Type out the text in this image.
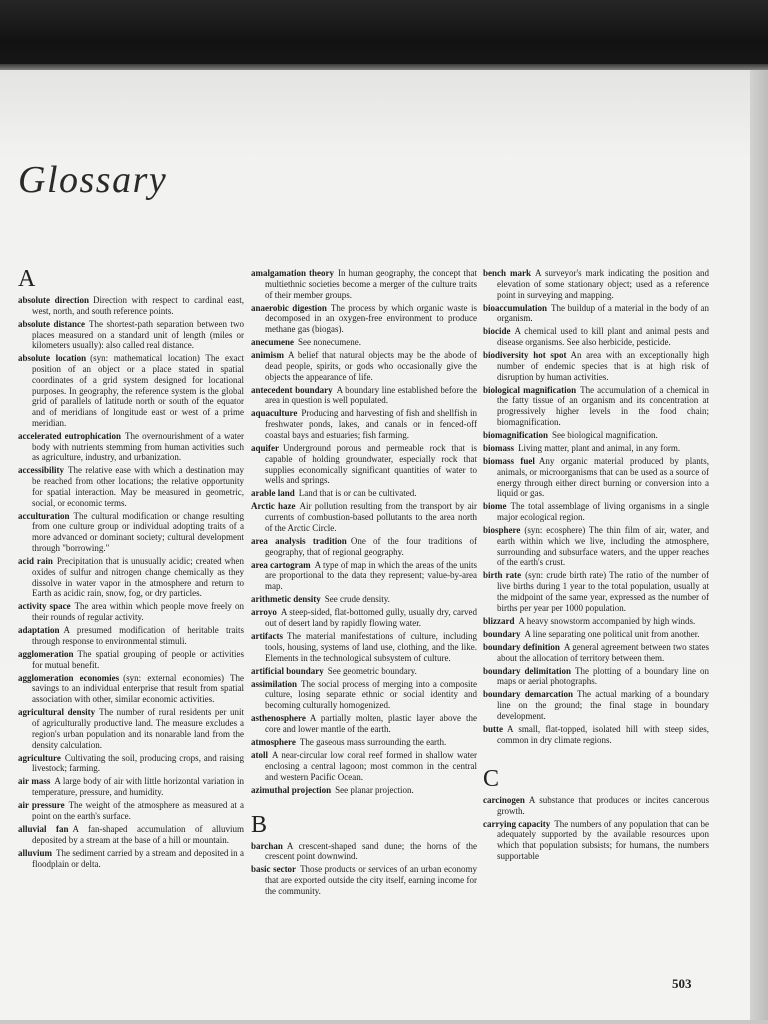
Glossary
A

absolute direction Direction with respect to cardinal east, west, north, and south reference points.

absolute distance The shortest-path separation between two places measured on a standard unit of length (miles or kilometers usually): also called real distance.

absolute location (syn: mathematical location) The exact position of an object or a place stated in spatial coordinates of a grid system designed for locational purposes. In geography, the reference system is the global grid of parallels of latitude north or south of the equator and of meridians of longitude east or west of a prime meridian.

accelerated eutrophication The overnourishment of a water body with nutrients stemming from human activities such as agriculture, industry, and urbanization.

accessibility The relative ease with which a destination may be reached from other locations; the relative opportunity for spatial interaction. May be measured in geometric, social, or economic terms.

acculturation The cultural modification or change resulting from one culture group or individual adopting traits of a more advanced or dominant society; cultural development through "borrowing."

acid rain Precipitation that is unusually acidic; created when oxides of sulfur and nitrogen change chemically as they dissolve in water vapor in the atmosphere and return to Earth as acidic rain, snow, fog, or dry particles.

activity space The area within which people move freely on their rounds of regular activity.

adaptation A presumed modification of heritable traits through response to environmental stimuli.

agglomeration The spatial grouping of people or activities for mutual benefit.

agglomeration economies (syn: external economies) The savings to an individual enterprise that result from spatial association with other, similar economic activities.

agricultural density The number of rural residents per unit of agriculturally productive land. The measure excludes a region's urban population and its nonarable land from the density calculation.

agriculture Cultivating the soil, producing crops, and raising livestock; farming.

air mass A large body of air with little horizontal variation in temperature, pressure, and humidity.

air pressure The weight of the atmosphere as measured at a point on the earth's surface.

alluvial fan A fan-shaped accumulation of alluvium deposited by a stream at the base of a hill or mountain.

alluvium The sediment carried by a stream and deposited in a floodplain or delta.

amalgamation theory In human geography, the concept that multiethnic societies become a merger of the culture traits of their member groups.

anaerobic digestion The process by which organic waste is decomposed in an oxygen-free environment to produce methane gas (biogas).

anecumene See nonecumene.

animism A belief that natural objects may be the abode of dead people, spirits, or gods who occasionally give the objects the appearance of life.

antecedent boundary A boundary line established before the area in question is well populated.

aquaculture Producing and harvesting of fish and shellfish in freshwater ponds, lakes, and canals or in fenced-off coastal bays and estuaries; fish farming.

aquifer Underground porous and permeable rock that is capable of holding groundwater, especially rock that supplies economically significant quantities of water to wells and springs.

arable land Land that is or can be cultivated.

Arctic haze Air pollution resulting from the transport by air currents of combustion-based pollutants to the area north of the Arctic Circle.

area analysis tradition One of the four traditions of geography, that of regional geography.

area cartogram A type of map in which the areas of the units are proportional to the data they represent; value-by-area map.

arithmetic density See crude density.

arroyo A steep-sided, flat-bottomed gully, usually dry, carved out of desert land by rapidly flowing water.

artifacts The material manifestations of culture, including tools, housing, systems of land use, clothing, and the like. Elements in the technological subsystem of culture.

artificial boundary See geometric boundary.

assimilation The social process of merging into a composite culture, losing separate ethnic or social identity and becoming culturally homogenized.

asthenosphere A partially molten, plastic layer above the core and lower mantle of the earth.

atmosphere The gaseous mass surrounding the earth.

atoll A near-circular low coral reef formed in shallow water enclosing a central lagoon; most common in the central and western Pacific Ocean.

azimuthal projection See planar projection.

B

barchan A crescent-shaped sand dune; the horns of the crescent point downwind.

basic sector Those products or services of an urban economy that are exported outside the city itself, earning income for the community.

bench mark A surveyor's mark indicating the position and elevation of some stationary object; used as a reference point in surveying and mapping.

bioaccumulation The buildup of a material in the body of an organism.

biocide A chemical used to kill plant and animal pests and disease organisms. See also herbicide, pesticide.

biodiversity hot spot An area with an exceptionally high number of endemic species that is at high risk of disruption by human activities.

biological magnification The accumulation of a chemical in the fatty tissue of an organism and its concentration at progressively higher levels in the food chain; biomagnification.

biomagnification See biological magnification.

biomass Living matter, plant and animal, in any form.

biomass fuel Any organic material produced by plants, animals, or microorganisms that can be used as a source of energy through either direct burning or conversion into a liquid or gas.

biome The total assemblage of living organisms in a single major ecological region.

biosphere (syn: ecosphere) The thin film of air, water, and earth within which we live, including the atmosphere, surrounding and subsurface waters, and the upper reaches of the earth's crust.

birth rate (syn: crude birth rate) The ratio of the number of live births during 1 year to the total population, usually at the midpoint of the same year, expressed as the number of births per year per 1000 population.

blizzard A heavy snowstorm accompanied by high winds.

boundary A line separating one political unit from another.

boundary definition A general agreement between two states about the allocation of territory between them.

boundary delimitation The plotting of a boundary line on maps or aerial photographs.

boundary demarcation The actual marking of a boundary line on the ground; the final stage in boundary development.

butte A small, flat-topped, isolated hill with steep sides, common in dry climate regions.

C

carcinogen A substance that produces or incites cancerous growth.

carrying capacity The numbers of any population that can be adequately supported by the available resources upon which that population subsists; for humans, the numbers supportable

503
